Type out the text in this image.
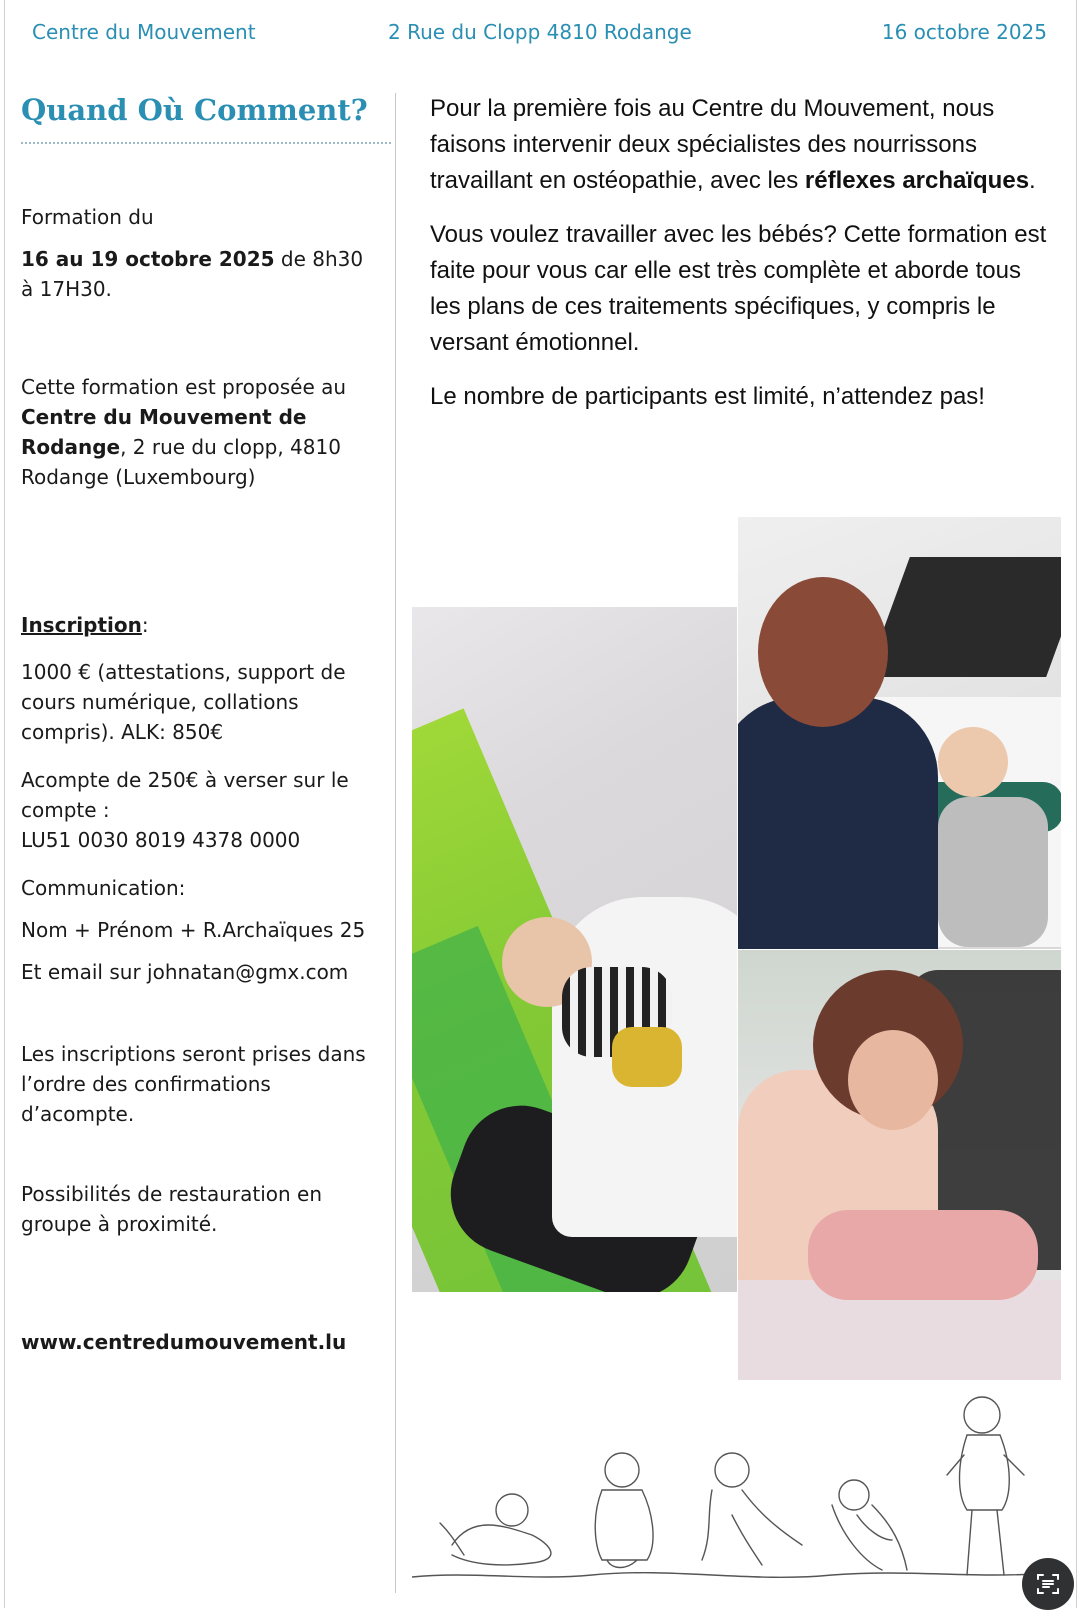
Centre du Mouvement	2 Rue du Clopp 4810 Rodange	16 octobre 2025
Quand Où Comment?

Formation du

16 au 19 octobre 2025 de 8h30 à 17H30.

Cette formation est proposée au Centre du Mouvement de Rodange, 2 rue du clopp, 4810 Rodange (Luxembourg)

Inscription:

1000 € (attestations, support de cours numérique, collations compris). ALK: 850€

Acompte de 250€ à verser sur le compte :

LU51 0030 8019 4378 0000

Communication:

Nom + Prénom + R.Archaïques 25

Et email sur johnatan@gmx.com

Les inscriptions seront prises dans l’ordre des confirmations d’acompte.

Possibilités de restauration en groupe à proximité.

www.centredumouvement.lu

Pour la première fois au Centre du Mouvement, nous faisons intervenir deux spécialistes des nourrissons travaillant en ostéopathie, avec les réflexes archaïques.

Vous voulez travailler avec les bébés? Cette formation est faite pour vous car elle est très complète et aborde tous les plans de ces traitements spécifiques, y compris le versant émotionnel.

Le nombre de participants est limité, n’attendez pas!
